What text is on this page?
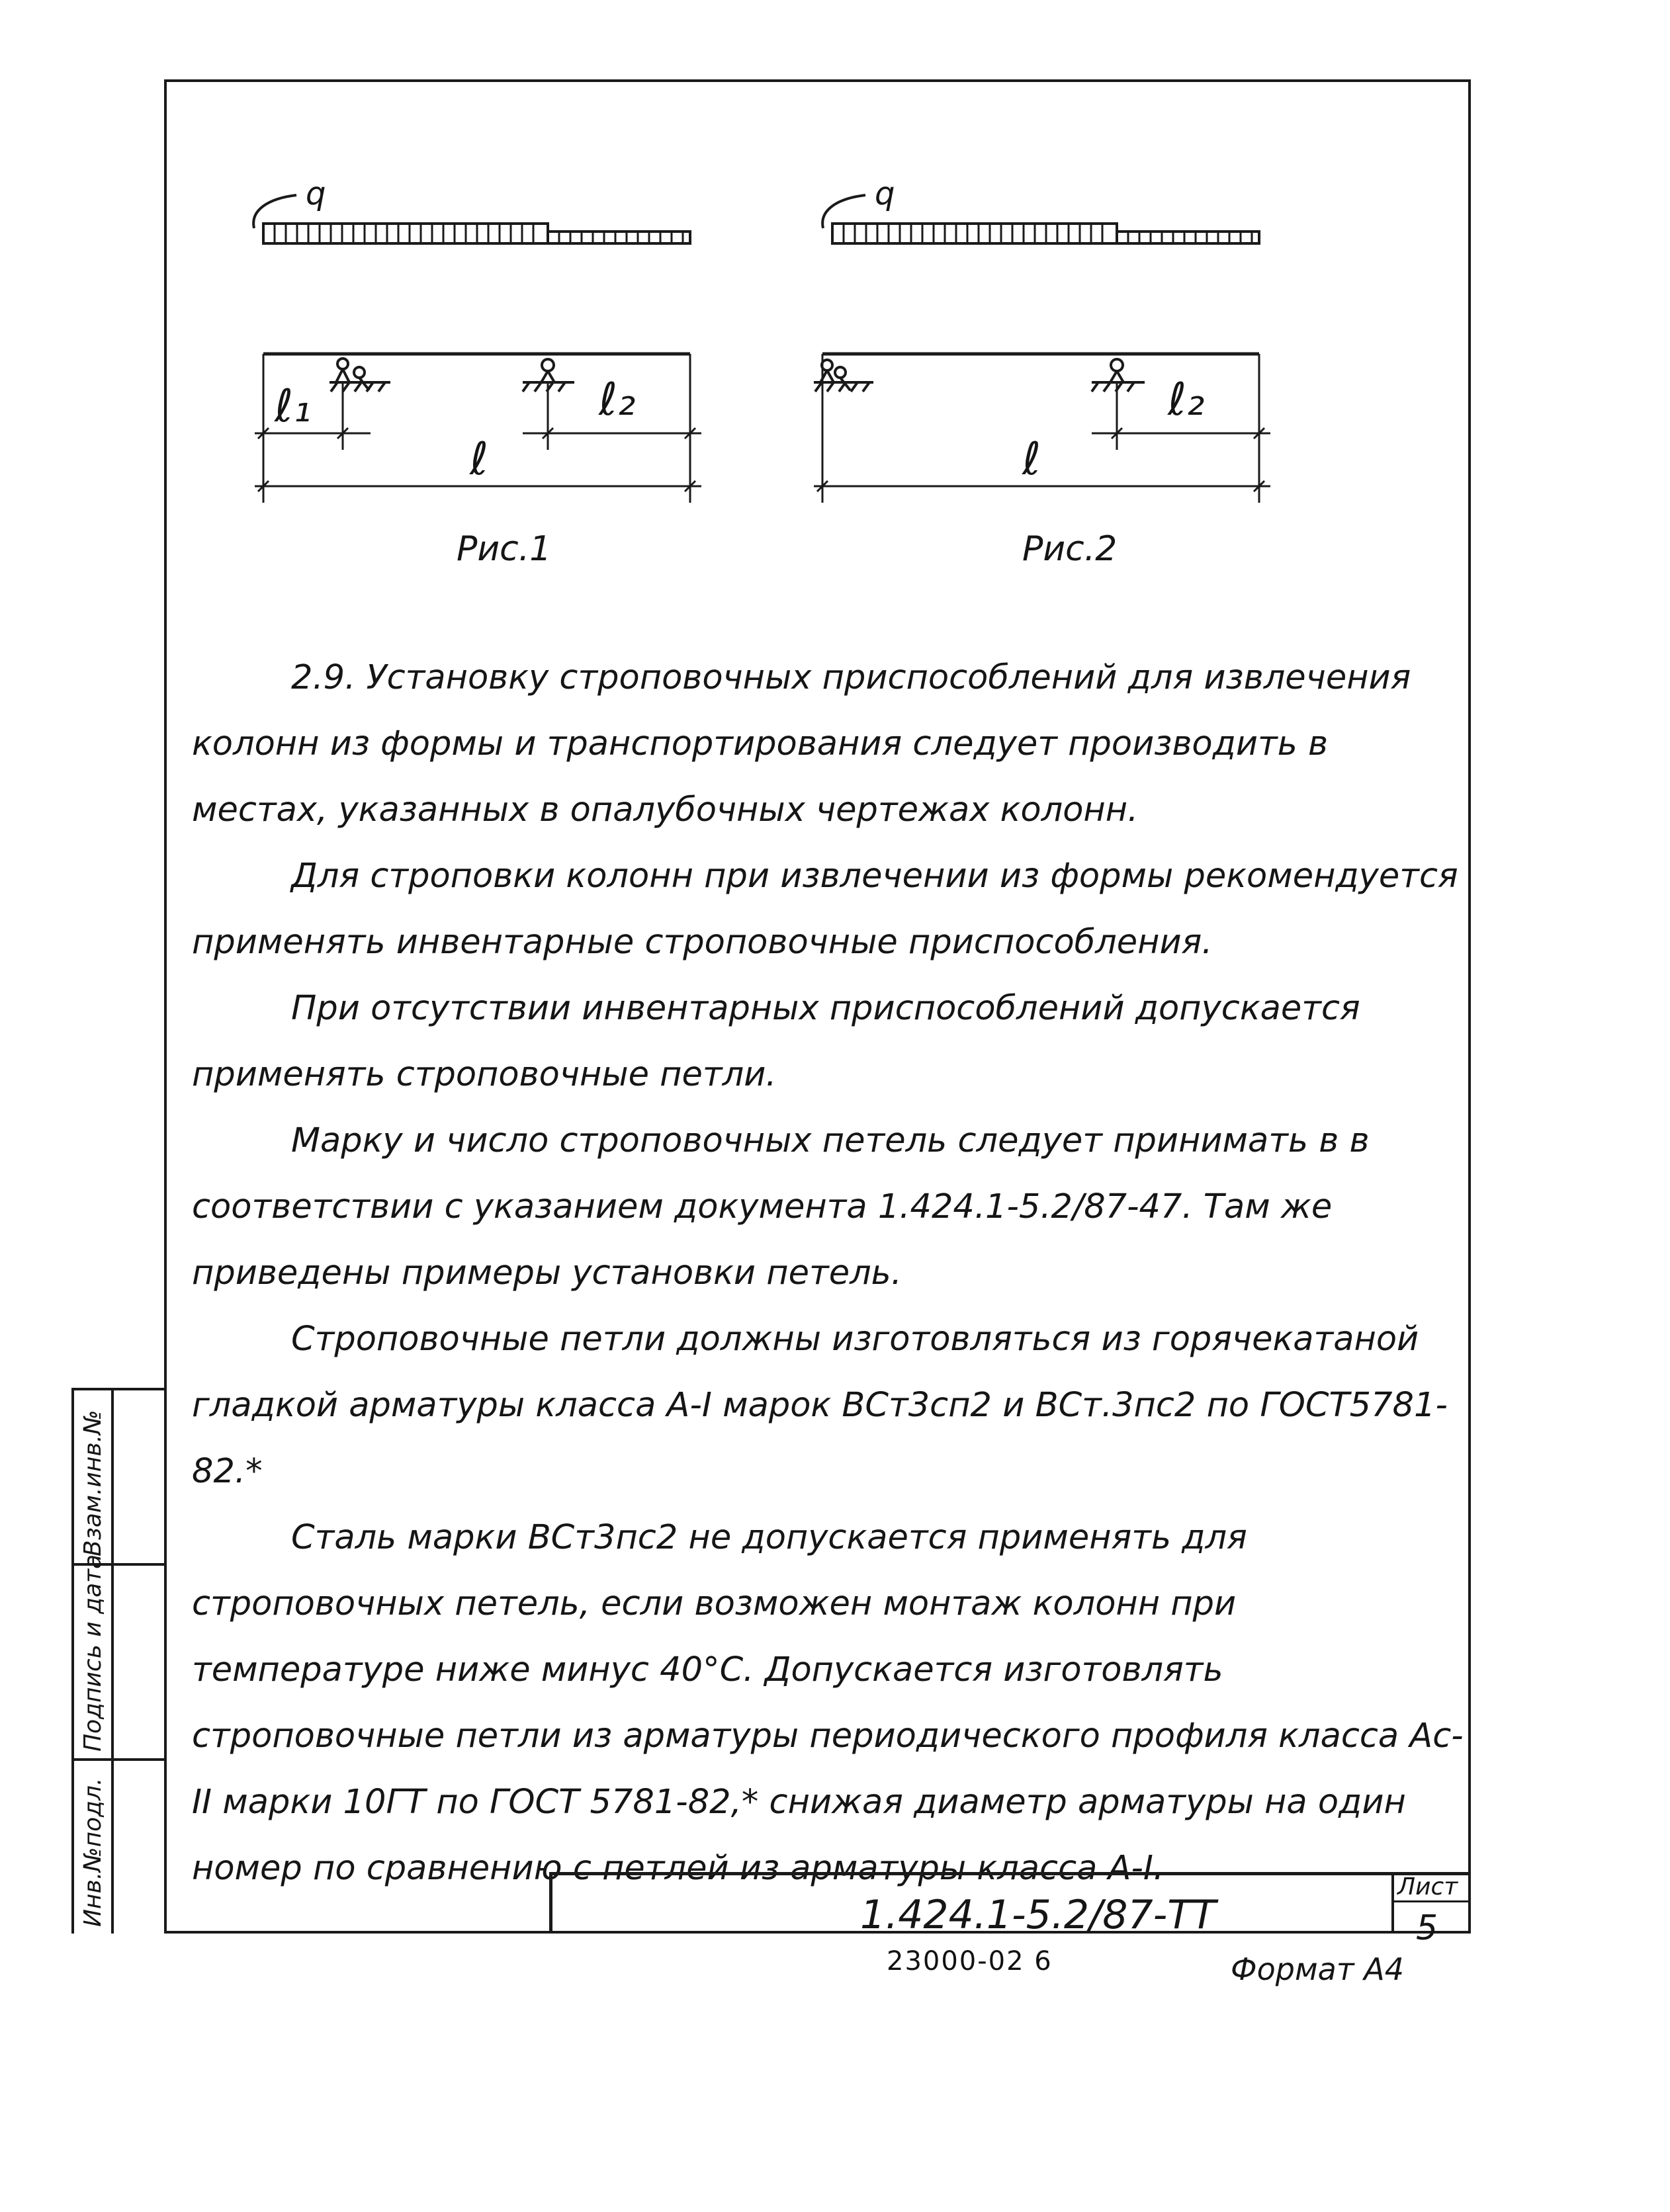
q
ℓ₁	ℓ₂
ℓ
Рис.1
q
ℓ₂
ℓ
Рис.2

2.9. Установку строповочных приспособлений для извлечения колонн из формы и транспортирования следует производить в местах, указанных в опалубочных чертежах колонн.

Для строповки колонн при извлечении из формы рекомендуется применять инвентарные строповочные приспособления.

При отсутствии инвентарных приспособлений допускается применять строповочные петли.

Марку и число строповочных петель следует принимать в в соответствии с указанием документа 1.424.1-5.2/87-47. Там же приведены примеры установки петель.

Строповочные петли должны изготовляться из горячекатаной гладкой арматуры класса А-I марок ВСт3сп2 и ВСт.3пс2 по ГОСТ5781-82.*

Сталь марки ВСт3пс2 не допускается применять для строповочных петель, если возможен монтаж колонн при температуре ниже минус 40°С. Допускается изготовлять строповочные петли из арматуры периодического профиля класса Ас-II марки 10ГТ по ГОСТ 5781-82,* снижая диаметр арматуры на один номер по сравнению с петлей из арматуры класса А-I.

Взам.инв.№
Подпись и дата
Инв.№подл.	1.424.1-5.2/87-ТТ
Лист
5
23000-02 6	Формат А4
